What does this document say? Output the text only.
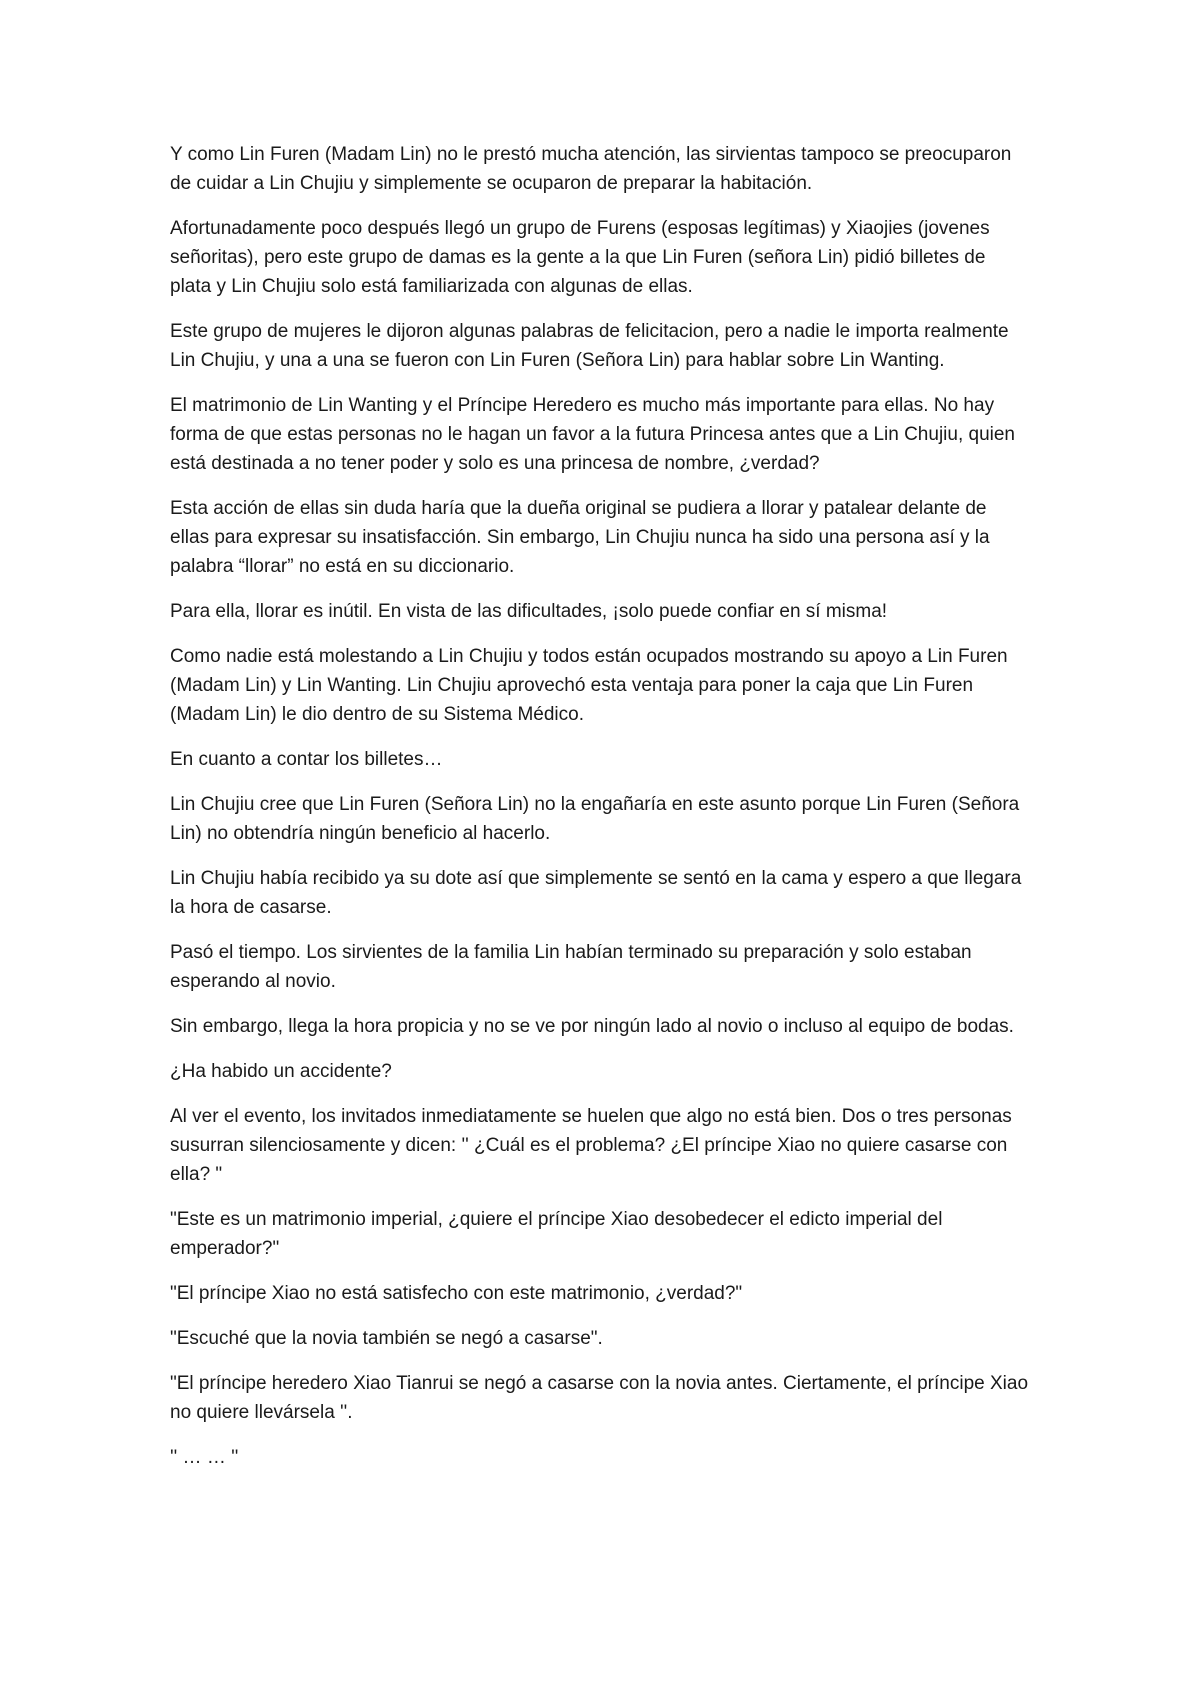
Y como Lin Furen (Madam Lin) no le prestó mucha atención, las sirvientas tampoco se preocuparon de cuidar a Lin Chujiu y simplemente se ocuparon de preparar la habitación.

Afortunadamente poco después llegó un grupo de Furens (esposas legítimas) y Xiaojies (jovenes señoritas), pero este grupo de damas es la gente a la que Lin Furen (señora Lin) pidió billetes de plata y Lin Chujiu solo está familiarizada con algunas de ellas.

Este grupo de mujeres le dijoron algunas palabras de felicitacion, pero a nadie le importa realmente Lin Chujiu, y una a una se fueron con Lin Furen (Señora Lin) para hablar sobre Lin Wanting.

El matrimonio de Lin Wanting y el Príncipe Heredero es mucho más importante para ellas. No hay forma de que estas personas no le hagan un favor a la futura Princesa antes que a Lin Chujiu, quien está destinada a no tener poder y solo es una princesa de nombre, ¿verdad?

Esta acción de ellas sin duda haría que la dueña original se pudiera a llorar y patalear delante de ellas para expresar su insatisfacción. Sin embargo, Lin Chujiu nunca ha sido una persona así y la palabra “llorar” no está en su diccionario.

Para ella, llorar es inútil. En vista de las dificultades, ¡solo puede confiar en sí misma!

Como nadie está molestando a Lin Chujiu y todos están ocupados mostrando su apoyo a Lin Furen (Madam Lin) y Lin Wanting. Lin Chujiu aprovechó esta ventaja para poner la caja que Lin Furen (Madam Lin) le dio dentro de su Sistema Médico.

En cuanto a contar los billetes…

Lin Chujiu cree que Lin Furen (Señora Lin) no la engañaría en este asunto porque Lin Furen (Señora Lin) no obtendría ningún beneficio al hacerlo.

Lin Chujiu había recibido ya su dote así que simplemente se sentó en la cama y espero a que llegara la hora de casarse.

Pasó el tiempo. Los sirvientes de la familia Lin habían terminado su preparación y solo estaban esperando al novio.

Sin embargo, llega la hora propicia y no se ve por ningún lado al novio o incluso al equipo de bodas.

¿Ha habido un accidente?

Al ver el evento, los invitados inmediatamente se huelen que algo no está bien. Dos o tres personas susurran silenciosamente y dicen: '' ¿Cuál es el problema? ¿El príncipe Xiao no quiere casarse con ella? "

"Este es un matrimonio imperial, ¿quiere el príncipe Xiao desobedecer el edicto imperial del emperador?"

"El príncipe Xiao no está satisfecho con este matrimonio, ¿verdad?"

"Escuché que la novia también se negó a casarse".

"El príncipe heredero Xiao Tianrui se negó a casarse con la novia antes. Ciertamente, el príncipe Xiao no quiere llevársela ''.

'' … … ''
